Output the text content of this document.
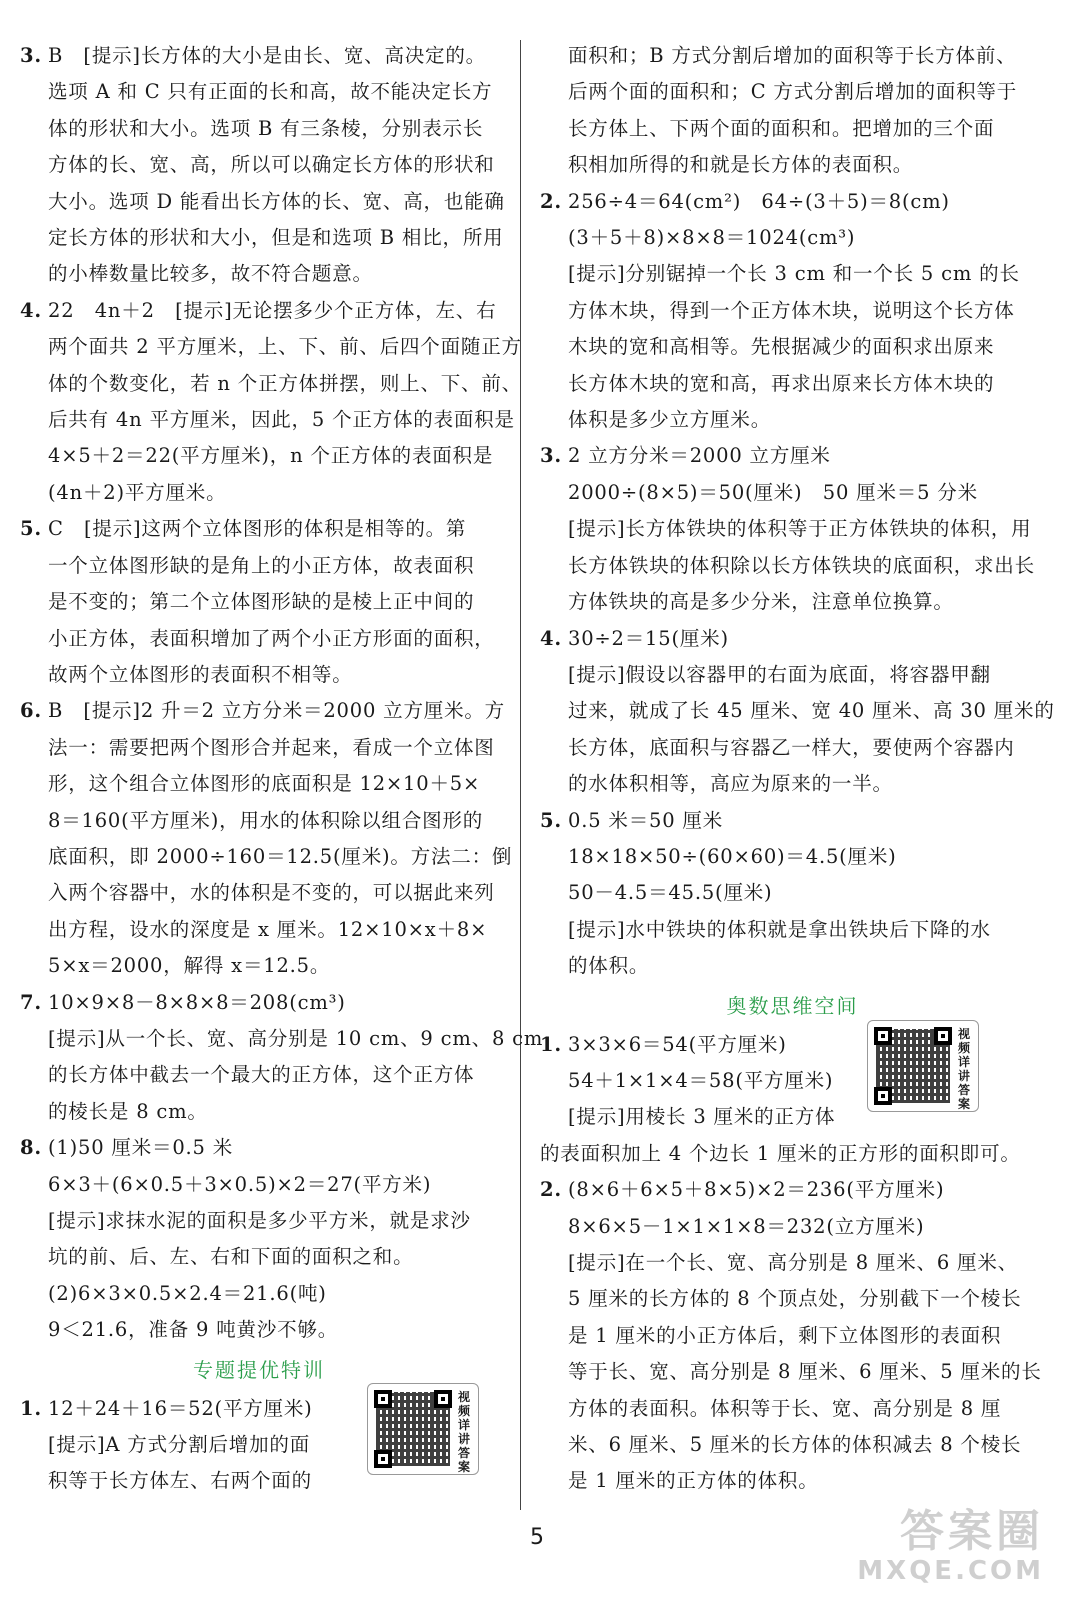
3. B　[提示]长方体的大小是由长、宽、高决定的。
选项 A 和 C 只有正面的长和高，故不能决定长方
体的形状和大小。选项 B 有三条棱，分别表示长
方体的长、宽、高，所以可以确定长方体的形状和
大小。选项 D 能看出长方体的长、宽、高，也能确
定长方体的形状和大小，但是和选项 B 相比，所用
的小棒数量比较多，故不符合题意。
4. 22　4n＋2　[提示]无论摆多少个正方体，左、右
两个面共 2 平方厘米，上、下、前、后四个面随正方
体的个数变化，若 n 个正方体拼摆，则上、下、前、
后共有 4n 平方厘米，因此，5 个正方体的表面积是
4×5＋2＝22(平方厘米)，n 个正方体的表面积是
(4n＋2)平方厘米。
5. C　[提示]这两个立体图形的体积是相等的。第
一个立体图形缺的是角上的小正方体，故表面积
是不变的；第二个立体图形缺的是棱上正中间的
小正方体，表面积增加了两个小正方形面的面积，
故两个立体图形的表面积不相等。
6. B　[提示]2 升＝2 立方分米＝2000 立方厘米。方
法一：需要把两个图形合并起来，看成一个立体图
形，这个组合立体图形的底面积是 12×10＋5×
8＝160(平方厘米)，用水的体积除以组合图形的
底面积，即 2000÷160＝12.5(厘米)。方法二：倒
入两个容器中，水的体积是不变的，可以据此来列
出方程，设水的深度是 x 厘米。12×10×x＋8×
5×x＝2000，解得 x＝12.5。
7. 10×9×8－8×8×8＝208(cm³)
[提示]从一个长、宽、高分别是 10 cm、9 cm、8 cm
的长方体中截去一个最大的正方体，这个正方体
的棱长是 8 cm。
8. (1)50 厘米＝0.5 米
6×3＋(6×0.5＋3×0.5)×2＝27(平方米)
[提示]求抹水泥的面积是多少平方米，就是求沙
坑的前、后、左、右和下面的面积之和。
(2)6×3×0.5×2.4＝21.6(吨)
9＜21.6，准备 9 吨黄沙不够。
专题提优特训
1. 12＋24＋16＝52(平方厘米)
[提示]A 方式分割后增加的面
积等于长方体左、右两个面的
面积和；B 方式分割后增加的面积等于长方体前、
后两个面的面积和；C 方式分割后增加的面积等于
长方体上、下两个面的面积和。把增加的三个面
积相加所得的和就是长方体的表面积。
2. 256÷4＝64(cm²)　64÷(3＋5)＝8(cm)
(3＋5＋8)×8×8＝1024(cm³)
[提示]分别锯掉一个长 3 cm 和一个长 5 cm 的长
方体木块，得到一个正方体木块，说明这个长方体
木块的宽和高相等。先根据减少的面积求出原来
长方体木块的宽和高，再求出原来长方体木块的
体积是多少立方厘米。
3. 2 立方分米＝2000 立方厘米
2000÷(8×5)＝50(厘米)　50 厘米＝5 分米
[提示]长方体铁块的体积等于正方体铁块的体积，用
长方体铁块的体积除以长方体铁块的底面积，求出长
方体铁块的高是多少分米，注意单位换算。
4. 30÷2＝15(厘米)
[提示]假设以容器甲的右面为底面，将容器甲翻
过来，就成了长 45 厘米、宽 40 厘米、高 30 厘米的
长方体，底面积与容器乙一样大，要使两个容器内
的水体积相等，高应为原来的一半。
5. 0.5 米＝50 厘米
18×18×50÷(60×60)＝4.5(厘米)
50－4.5＝45.5(厘米)
[提示]水中铁块的体积就是拿出铁块后下降的水
的体积。
奥数思维空间
1. 3×3×6＝54(平方厘米)
54＋1×1×4＝58(平方厘米)
[提示]用棱长 3 厘米的正方体
的表面积加上 4 个边长 1 厘米的正方形的面积即可。
2. (8×6＋6×5＋8×5)×2＝236(平方厘米)
8×6×5－1×1×1×8＝232(立方厘米)
[提示]在一个长、宽、高分别是 8 厘米、6 厘米、
5 厘米的长方体的 8 个顶点处，分别截下一个棱长
是 1 厘米的小正方体后，剩下立体图形的表面积
等于长、宽、高分别是 8 厘米、6 厘米、5 厘米的长
方体的表面积。体积等于长、宽、高分别是 8 厘
米、6 厘米、5 厘米的长方体的体积减去 8 个棱长
是 1 厘米的正方体的体积。
视频详讲答案
视频详讲答案
5	答案圈
MXQE.COM
